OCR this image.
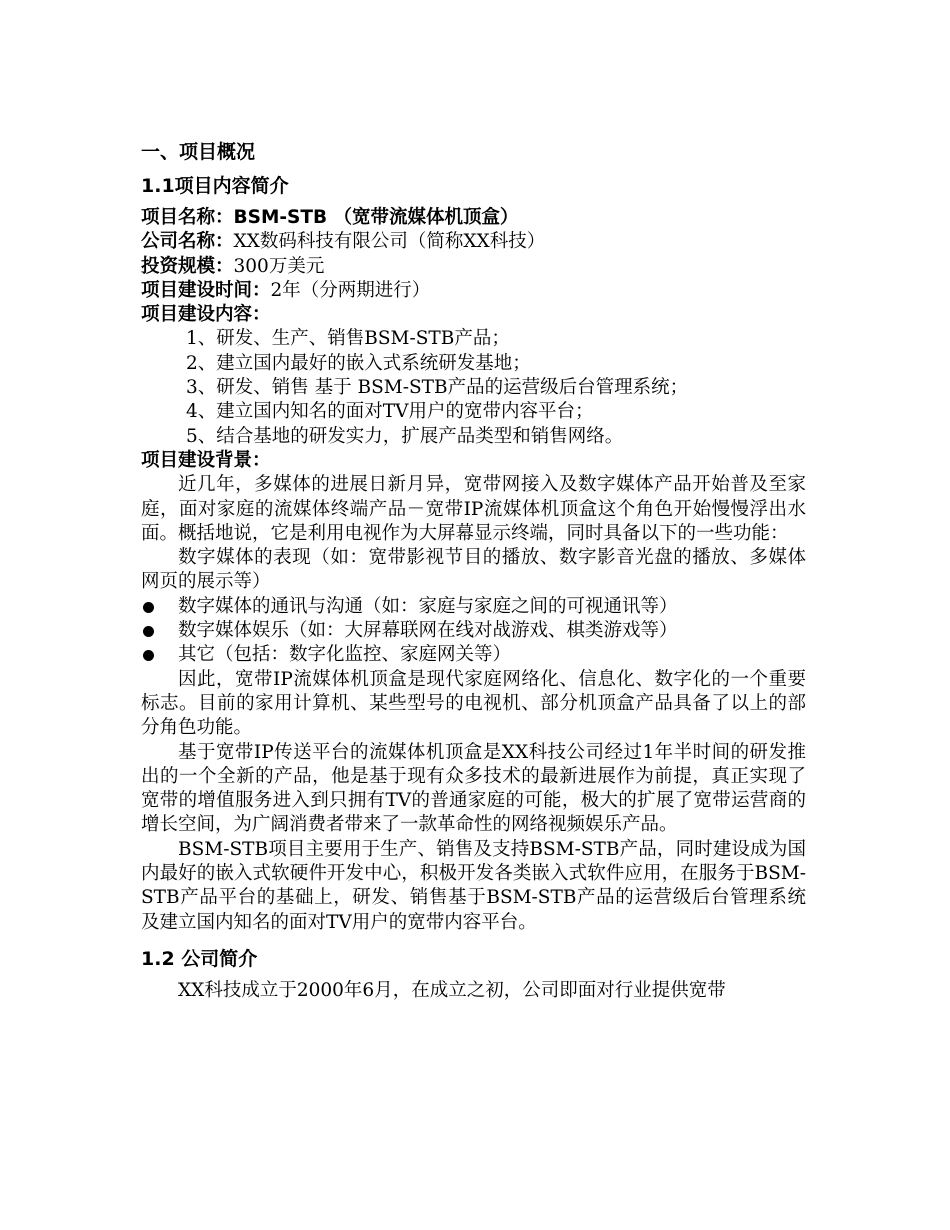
一、项目概况
1.1项目内容简介
项目名称：BSM-STB （宽带流媒体机顶盒）
公司名称：XX数码科技有限公司（简称XX科技）
投资规模：300万美元
项目建设时间：2年（分两期进行）
项目建设内容：
1、研发、生产、销售BSM-STB产品；
2、建立国内最好的嵌入式系统研发基地；
3、研发、销售 基于 BSM-STB产品的运营级后台管理系统；
4、建立国内知名的面对TV用户的宽带内容平台；
5、结合基地的研发实力，扩展产品类型和销售网络。
项目建设背景：

近几年，多媒体的进展日新月异，宽带网接入及数字媒体产品开始普及至家庭，面对家庭的流媒体终端产品－宽带IP流媒体机顶盒这个角色开始慢慢浮出水面。概括地说，它是利用电视作为大屏幕显示终端，同时具备以下的一些功能：

数字媒体的表现（如：宽带影视节目的播放、数字影音光盘的播放、多媒体网页的展示等）

数字媒体的通讯与沟通（如：家庭与家庭之间的可视通讯等）
数字媒体娱乐（如：大屏幕联网在线对战游戏、棋类游戏等）
其它（包括：数字化监控、家庭网关等）

因此，宽带IP流媒体机顶盒是现代家庭网络化、信息化、数字化的一个重要标志。目前的家用计算机、某些型号的电视机、部分机顶盒产品具备了以上的部分角色功能。

基于宽带IP传送平台的流媒体机顶盒是XX科技公司经过1年半时间的研发推出的一个全新的产品，他是基于现有众多技术的最新进展作为前提，真正实现了宽带的增值服务进入到只拥有TV的普通家庭的可能，极大的扩展了宽带运营商的增长空间，为广阔消费者带来了一款革命性的网络视频娱乐产品。

BSM-STB项目主要用于生产、销售及支持BSM-STB产品，同时建设成为国内最好的嵌入式软硬件开发中心，积极开发各类嵌入式软件应用，在服务于BSM-STB产品平台的基础上，研发、销售基于BSM-STB产品的运营级后台管理系统及建立国内知名的面对TV用户的宽带内容平台。

1.2 公司简介

XX科技成立于2000年6月，在成立之初，公司即面对行业提供宽带
